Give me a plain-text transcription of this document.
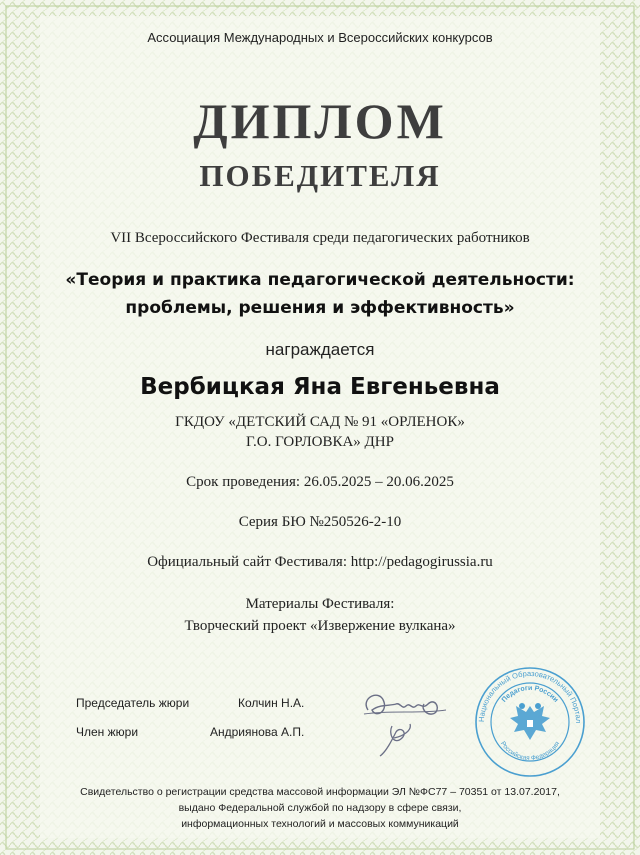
Ассоциация Международных и Всероссийских конкурсов
ДИПЛОМ
ПОБЕДИТЕЛЯ
VII Всероссийского Фестиваля среди педагогических работников
«Теория и практика педагогической деятельности:
проблемы, решения и эффективность»
награждается
Вербицкая Яна Евгеньевна
ГКДОУ «ДЕТСКИЙ САД № 91 «ОРЛЕНОК»
Г.О. ГОРЛОВКА» ДНР
Срок проведения: 26.05.2025 – 20.06.2025
Серия БЮ №250526-2-10
Официальный сайт Фестиваля: http://pedagogirussia.ru
Материалы Фестиваля:
Творческий проект «Извержение вулкана»
Председатель жюри	Колчин Н.А.
Член жюри	Андриянова А.П.
Национальный Образовательный Портал
Педагоги России
Российская Федерация
Свидетельство о регистрации средства массовой информации ЭЛ №ФС77 – 70351 от 13.07.2017,
выдано Федеральной службой по надзору в сфере связи,
информационных технологий и массовых коммуникаций
